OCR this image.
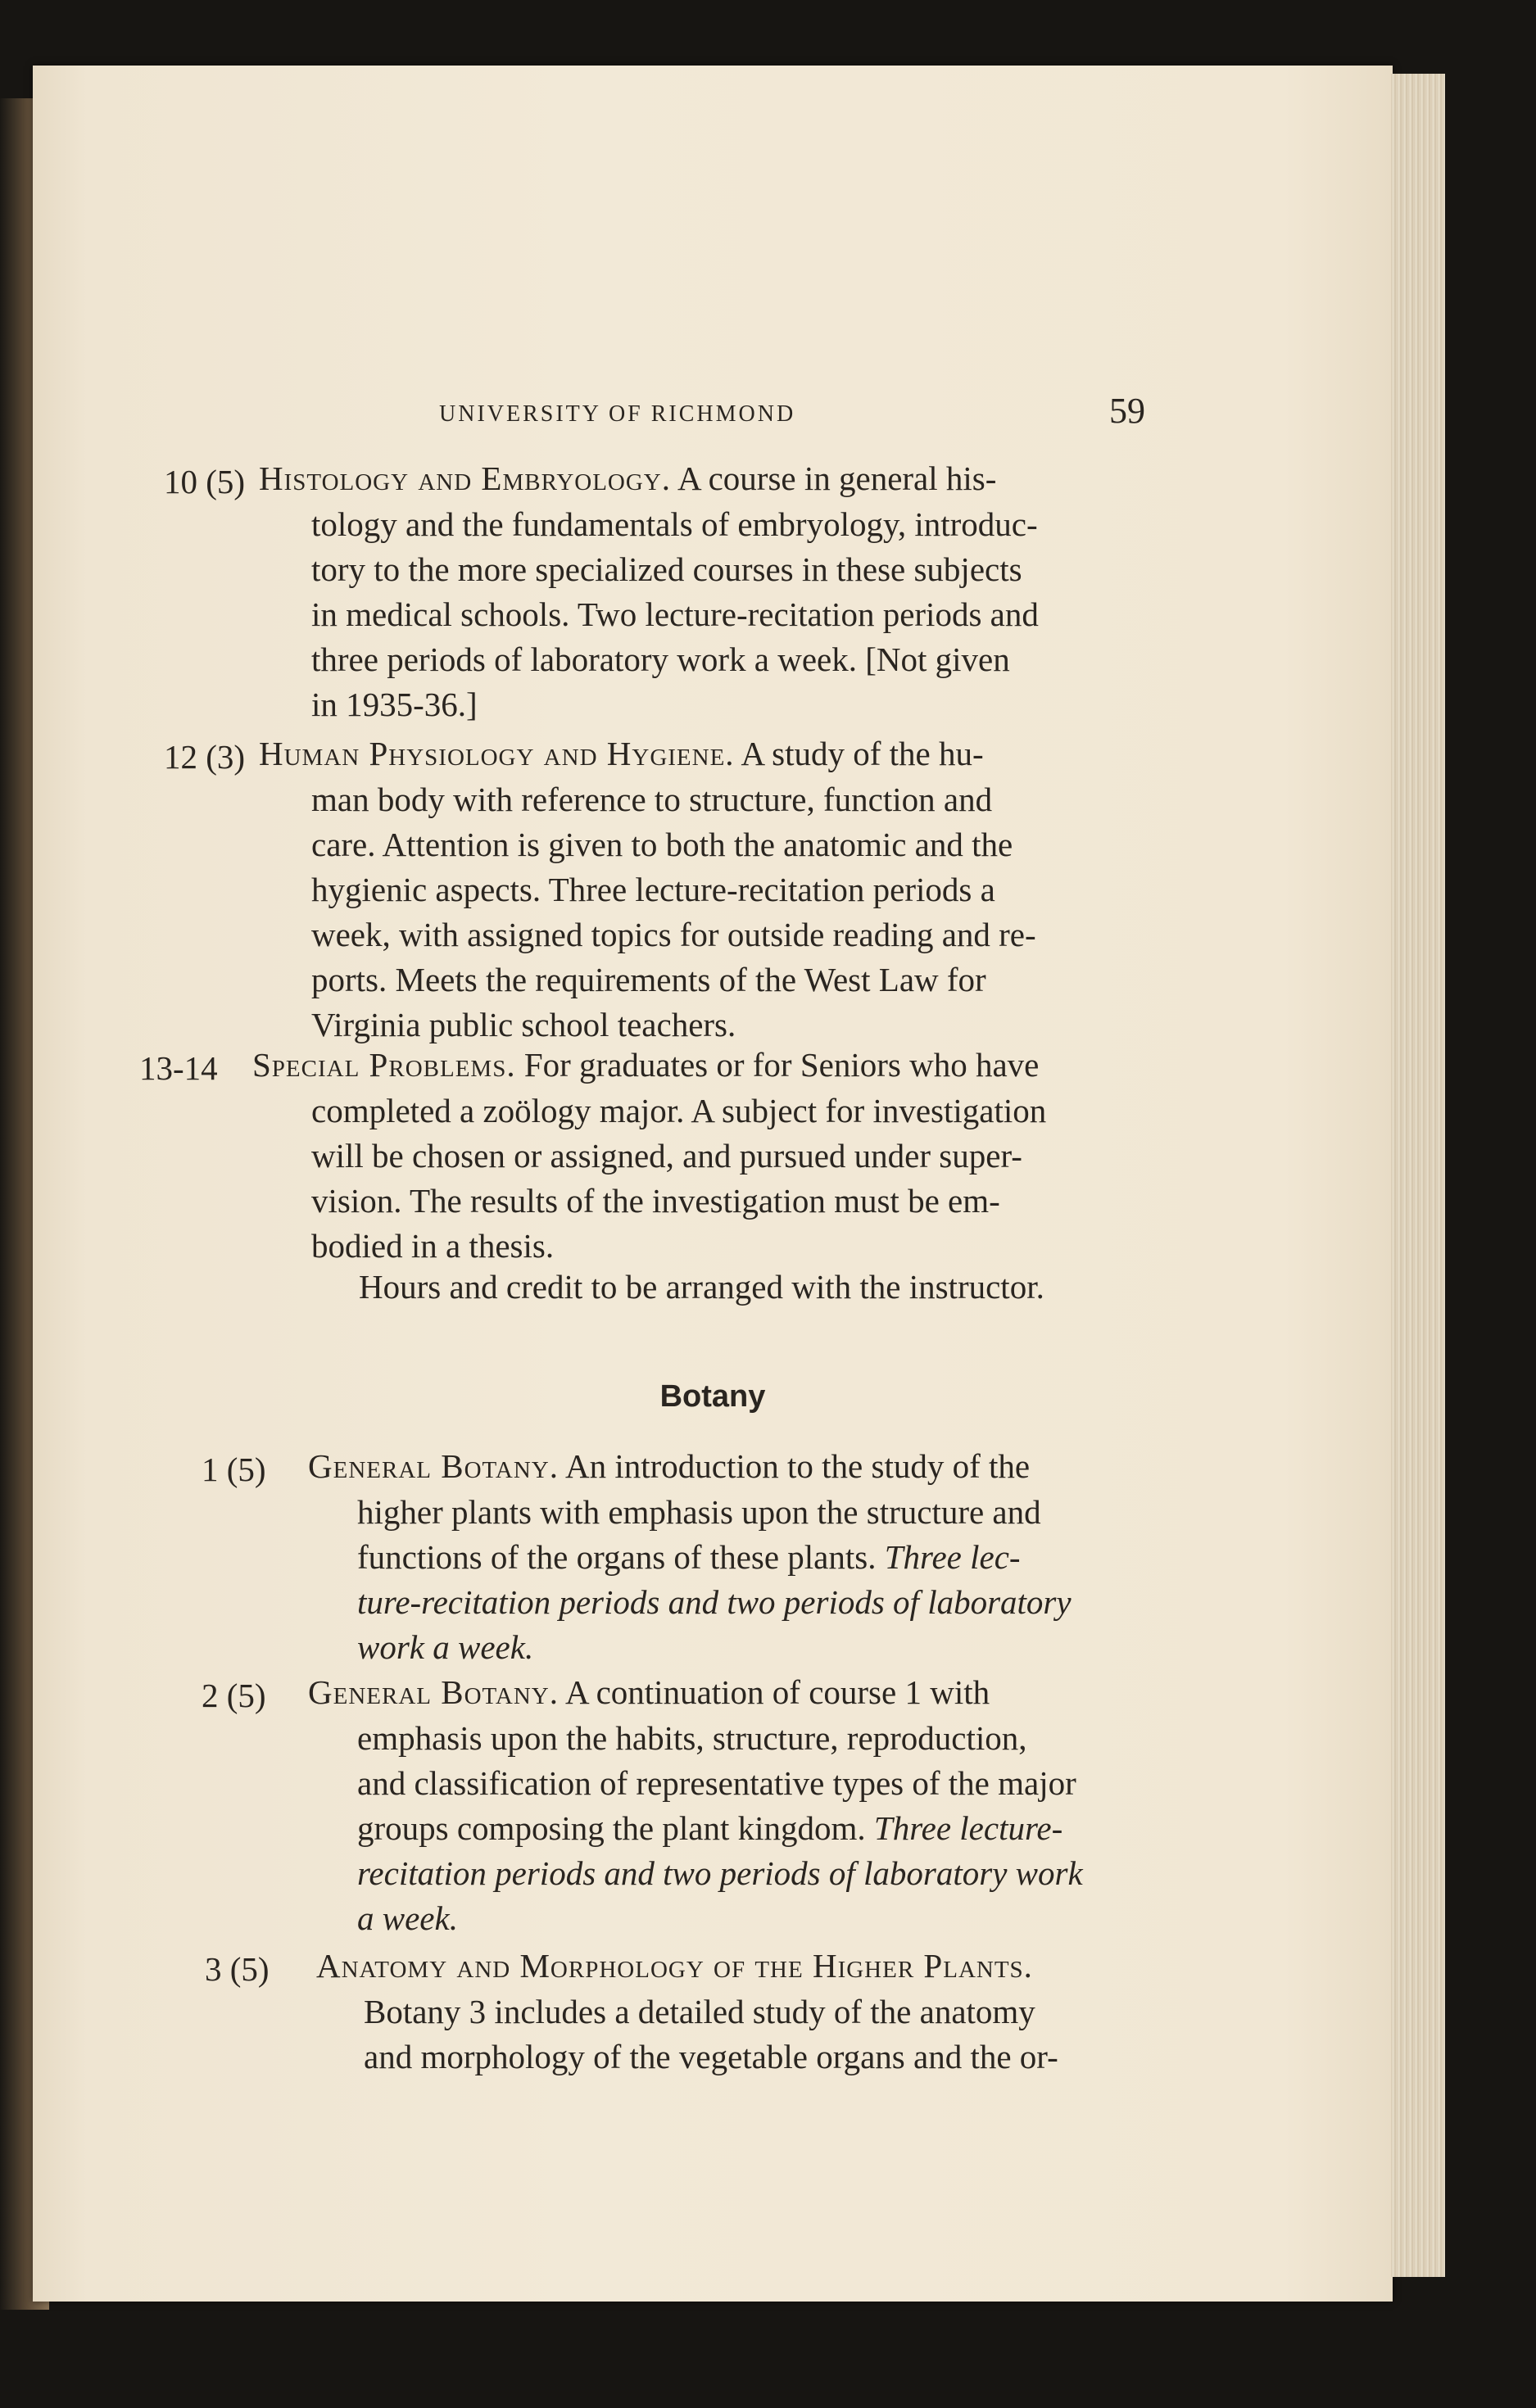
UNIVERSITY OF RICHMOND	59
10 (5) Histology and Embryology. A course in general his-
tology and the fundamentals of embryology, introduc-
tory to the more specialized courses in these subjects
in medical schools. Two lecture-recitation periods and
three periods of laboratory work a week. [Not given
in 1935-36.]
12 (3) Human Physiology and Hygiene. A study of the hu-
man body with reference to structure, function and
care. Attention is given to both the anatomic and the
hygienic aspects. Three lecture-recitation periods a
week, with assigned topics for outside reading and re-
ports. Meets the requirements of the West Law for
Virginia public school teachers.
13-14 Special Problems. For graduates or for Seniors who have
completed a zoölogy major. A subject for investigation
will be chosen or assigned, and pursued under super-
vision. The results of the investigation must be em-
bodied in a thesis.
Hours and credit to be arranged with the instructor.
Botany
1 (5) General Botany. An introduction to the study of the
higher plants with emphasis upon the structure and
functions of the organs of these plants. Three lec-
ture-recitation periods and two periods of laboratory
work a week.
2 (5) General Botany. A continuation of course 1 with
emphasis upon the habits, structure, reproduction,
and classification of representative types of the major
groups composing the plant kingdom. Three lecture-
recitation periods and two periods of laboratory work
a week.
3 (5) Anatomy and Morphology of the Higher Plants.
Botany 3 includes a detailed study of the anatomy
and morphology of the vegetable organs and the or-
